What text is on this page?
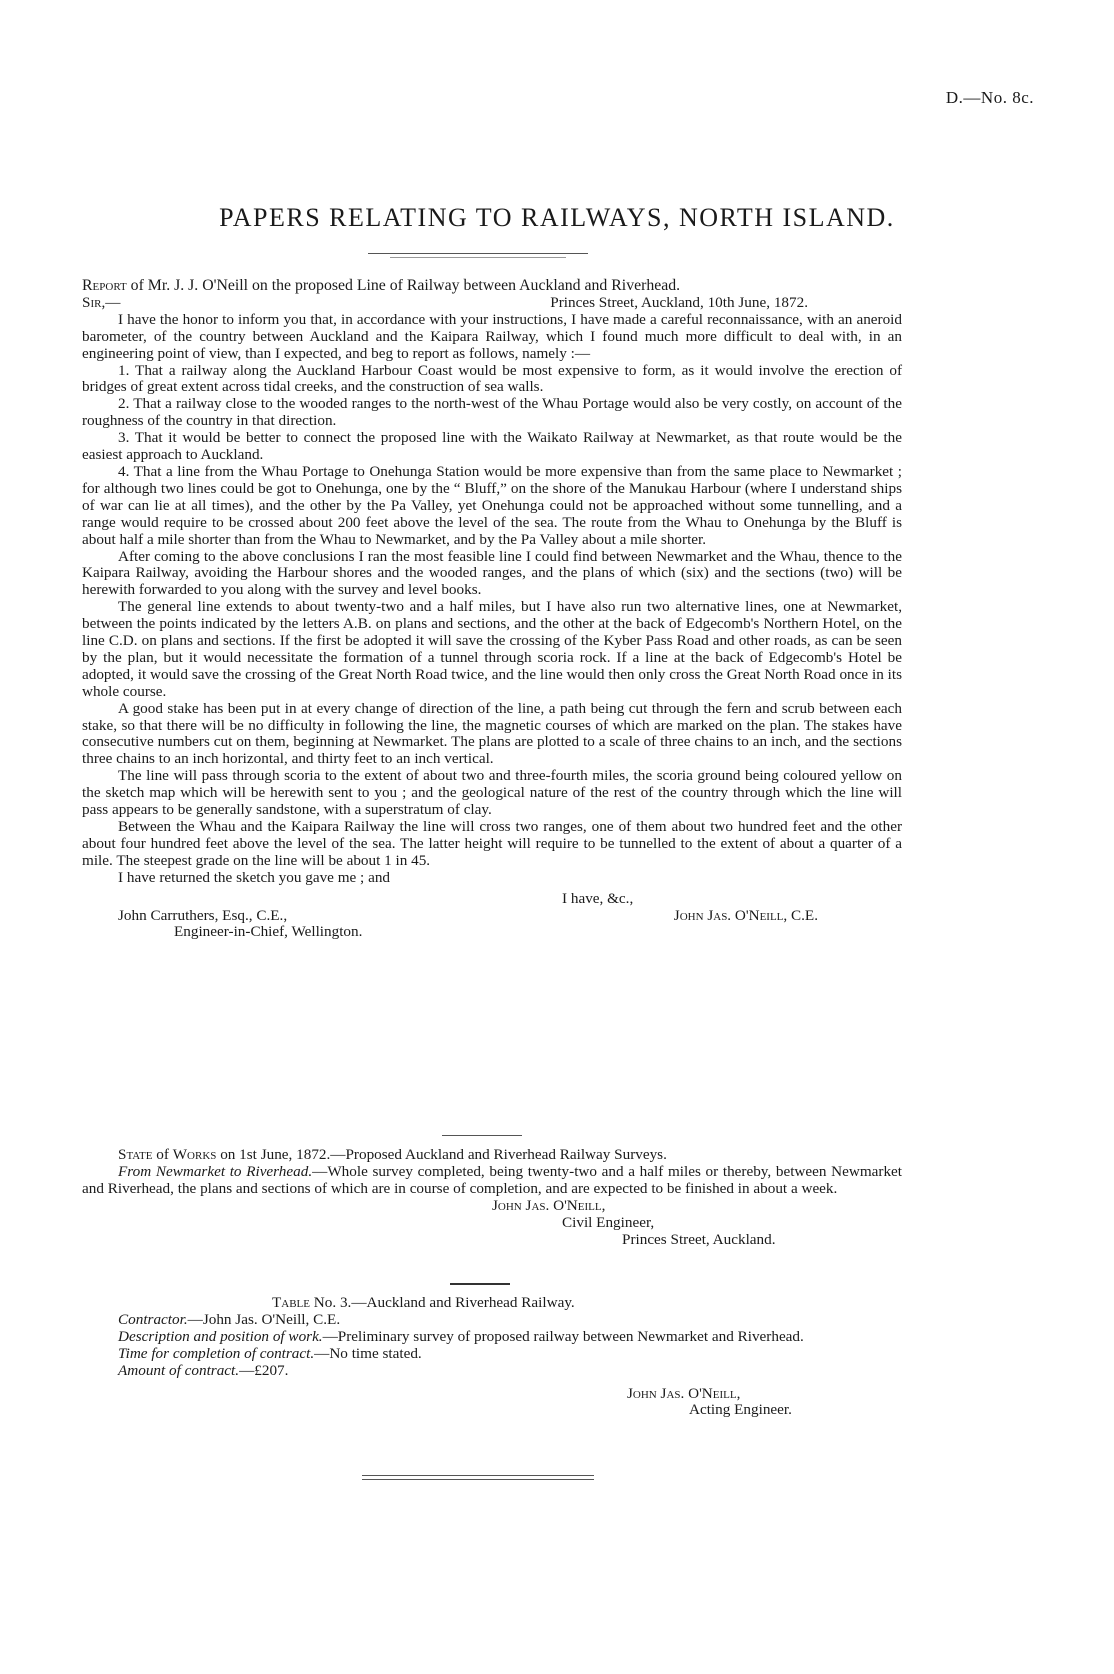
D.—No. 8c.
PAPERS RELATING TO RAILWAYS, NORTH ISLAND.

Report of Mr. J. J. O'Neill on the proposed Line of Railway between Auckland and Riverhead.

Sir,—	Princes Street, Auckland, 10th June, 1872.

I have the honor to inform you that, in accordance with your instructions, I have made a careful reconnaissance, with an aneroid barometer, of the country between Auckland and the Kaipara Railway, which I found much more difficult to deal with, in an engineering point of view, than I expected, and beg to report as follows, namely :—

1. That a railway along the Auckland Harbour Coast would be most expensive to form, as it would involve the erection of bridges of great extent across tidal creeks, and the construction of sea walls.

2. That a railway close to the wooded ranges to the north-west of the Whau Portage would also be very costly, on account of the roughness of the country in that direction.

3. That it would be better to connect the proposed line with the Waikato Railway at Newmarket, as that route would be the easiest approach to Auckland.

4. That a line from the Whau Portage to Onehunga Station would be more expensive than from the same place to Newmarket ; for although two lines could be got to Onehunga, one by the “ Bluff,” on the shore of the Manukau Harbour (where I understand ships of war can lie at all times), and the other by the Pa Valley, yet Onehunga could not be approached without some tunnelling, and a range would require to be crossed about 200 feet above the level of the sea. The route from the Whau to Onehunga by the Bluff is about half a mile shorter than from the Whau to Newmarket, and by the Pa Valley about a mile shorter.

After coming to the above conclusions I ran the most feasible line I could find between Newmarket and the Whau, thence to the Kaipara Railway, avoiding the Harbour shores and the wooded ranges, and the plans of which (six) and the sections (two) will be herewith forwarded to you along with the survey and level books.

The general line extends to about twenty-two and a half miles, but I have also run two alternative lines, one at Newmarket, between the points indicated by the letters A.B. on plans and sections, and the other at the back of Edgecomb's Northern Hotel, on the line C.D. on plans and sections. If the first be adopted it will save the crossing of the Kyber Pass Road and other roads, as can be seen by the plan, but it would necessitate the formation of a tunnel through scoria rock. If a line at the back of Edgecomb's Hotel be adopted, it would save the crossing of the Great North Road twice, and the line would then only cross the Great North Road once in its whole course.

A good stake has been put in at every change of direction of the line, a path being cut through the fern and scrub between each stake, so that there will be no difficulty in following the line, the magnetic courses of which are marked on the plan. The stakes have consecutive numbers cut on them, beginning at Newmarket. The plans are plotted to a scale of three chains to an inch, and the sections three chains to an inch horizontal, and thirty feet to an inch vertical.

The line will pass through scoria to the extent of about two and three-fourth miles, the scoria ground being coloured yellow on the sketch map which will be herewith sent to you ; and the geological nature of the rest of the country through which the line will pass appears to be generally sandstone, with a superstratum of clay.

Between the Whau and the Kaipara Railway the line will cross two ranges, one of them about two hundred feet and the other about four hundred feet above the level of the sea. The latter height will require to be tunnelled to the extent of about a quarter of a mile. The steepest grade on the line will be about 1 in 45.

I have returned the sketch you gave me ; and

I have, &c.,

John Carruthers, Esq., C.E.,	John Jas. O'Neill, C.E.

Engineer-in-Chief, Wellington.

State of Works on 1st June, 1872.—Proposed Auckland and Riverhead Railway Surveys.

From Newmarket to Riverhead.—Whole survey completed, being twenty-two and a half miles or thereby, between Newmarket and Riverhead, the plans and sections of which are in course of completion, and are expected to be finished in about a week.

John Jas. O'Neill,
Civil Engineer,
Princes Street, Auckland.

Table No. 3.—Auckland and Riverhead Railway.

Contractor.—John Jas. O'Neill, C.E.

Description and position of work.—Preliminary survey of proposed railway between Newmarket and Riverhead.

Time for completion of contract.—No time stated.

Amount of contract.—£207.

John Jas. O'Neill,
Acting Engineer.
